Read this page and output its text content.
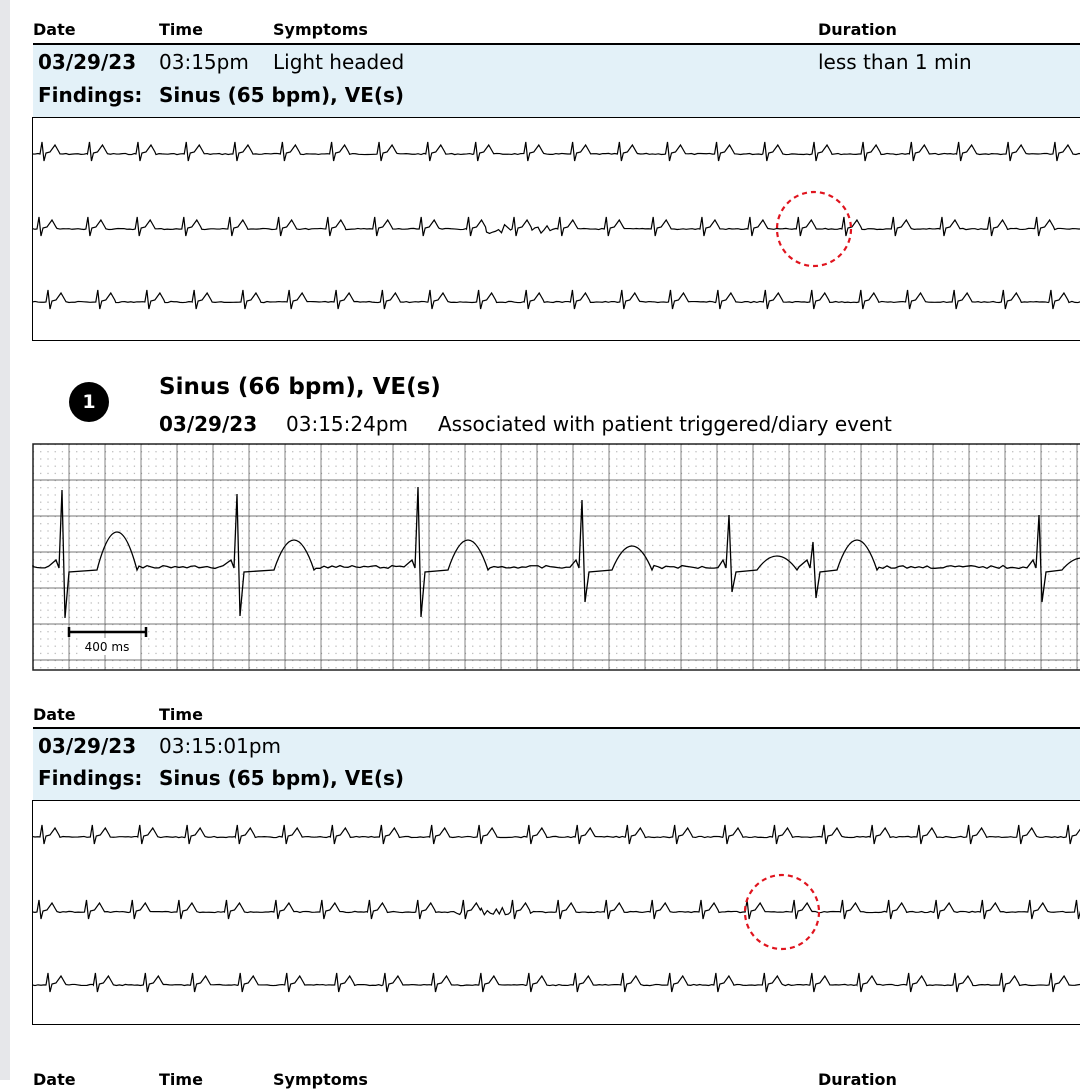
Date	Time	Symptoms	Duration
03/29/23 03:15pm Light headed	less than 1 min
Findings: Sinus (65 bpm), VE(s)
1
Sinus (66 bpm), VE(s)
03/29/23 03:15:24pm Associated with patient triggered/diary event
400 ms
Date	Time
03/29/23 03:15:01pm
Findings: Sinus (65 bpm), VE(s)
Date	Time	Symptoms	Duration
